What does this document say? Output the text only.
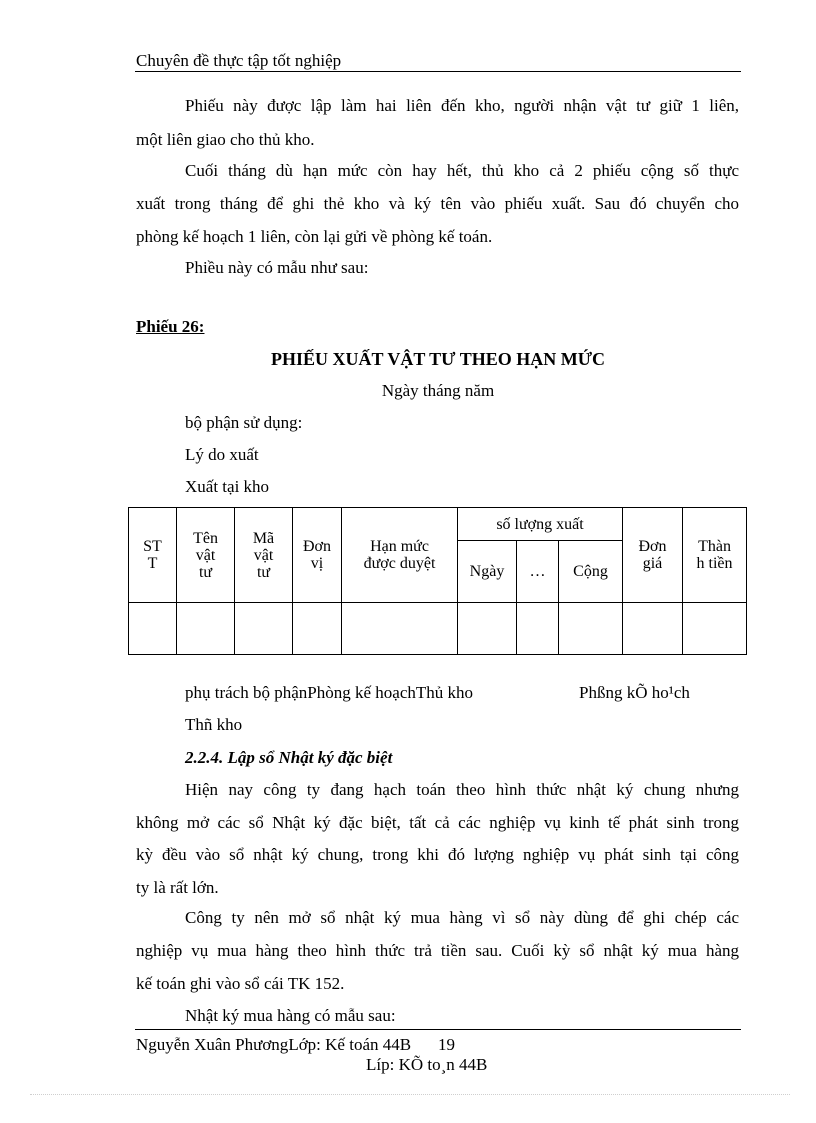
Chuyên đề thực tập tốt nghiệp
Phiếu này được lập làm hai liên đến kho, người nhận vật tư giữ 1 liên,
một liên giao cho thủ kho.
Cuối tháng dù hạn mức còn hay hết, thủ kho cả 2 phiếu cộng số thực
xuất trong tháng để ghi thẻ kho và ký tên vào phiếu xuất. Sau đó chuyển cho
phòng kế hoạch 1 liên, còn lại gửi về phòng kế toán.
Phiều này có mẫu như sau:
Phiếu 26:
PHIẾU XUẤT VẬT TƯ THEO HẠN MỨC
Ngày tháng năm
bộ phận sử dụng:
Lý do xuất
Xuất tại kho
ST
T	Tên
vật
tư	Mã
vật
tư	Đơn
vị	Hạn mức
được duyệt	số lượng xuất			Đơn
giá	Thàn
h tiền
					Ngày	…	Cộng		

phụ trách bộ phậnPhòng kế hoạchThủ kho	Phßng kÕ ho¹ch
Thñ kho
2.2.4. Lập sổ Nhật ký đặc biệt
Hiện nay công ty đang hạch toán theo hình thức nhật ký chung nhưng
không mở các sổ Nhật ký đặc biệt, tất cả các nghiệp vụ kinh tế phát sinh trong
kỳ đều vào sổ nhật ký chung, trong khi đó lượng nghiệp vụ phát sinh tại công
ty là rất lớn.
Công ty nên mở sổ nhật ký mua hàng vì sổ này dùng để ghi chép các
nghiệp vụ mua hàng theo hình thức trả tiền sau. Cuối kỳ sổ nhật ký mua hàng
kế toán ghi vào sổ cái TK 152.
Nhật ký mua hàng có mẫu sau:
Nguyễn Xuân PhươngLớp: Kế toán 44B 19
Líp: KÕ to¸n 44B
